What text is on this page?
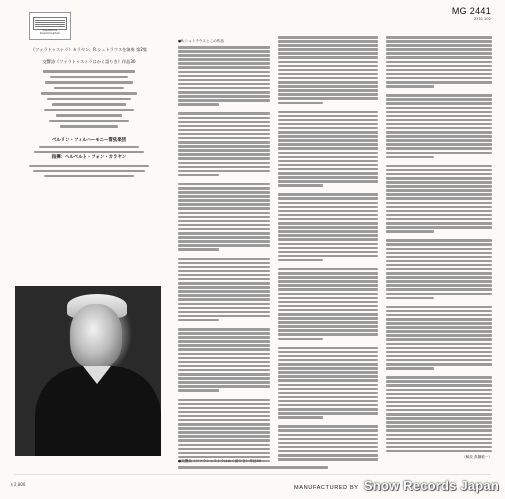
MG 2441
2531 102
Deutsche Grammophon
《ツァラトゥストラ》カラヤン、R.シュトラウスを演奏 第2集
交響詩《ツァラトゥストラはかく語りき》作品30
ベルリン・フィルハーモニー管弦楽団
指揮：ヘルベルト・フォン・カラヤン
￥2,800
●R.シュトラウスとこの作品
（解説 真鍋敏一）
●交響詩《ツァラトゥストラはかく語りき》作品30
MANUFACTURED BY Snow Records Japan
